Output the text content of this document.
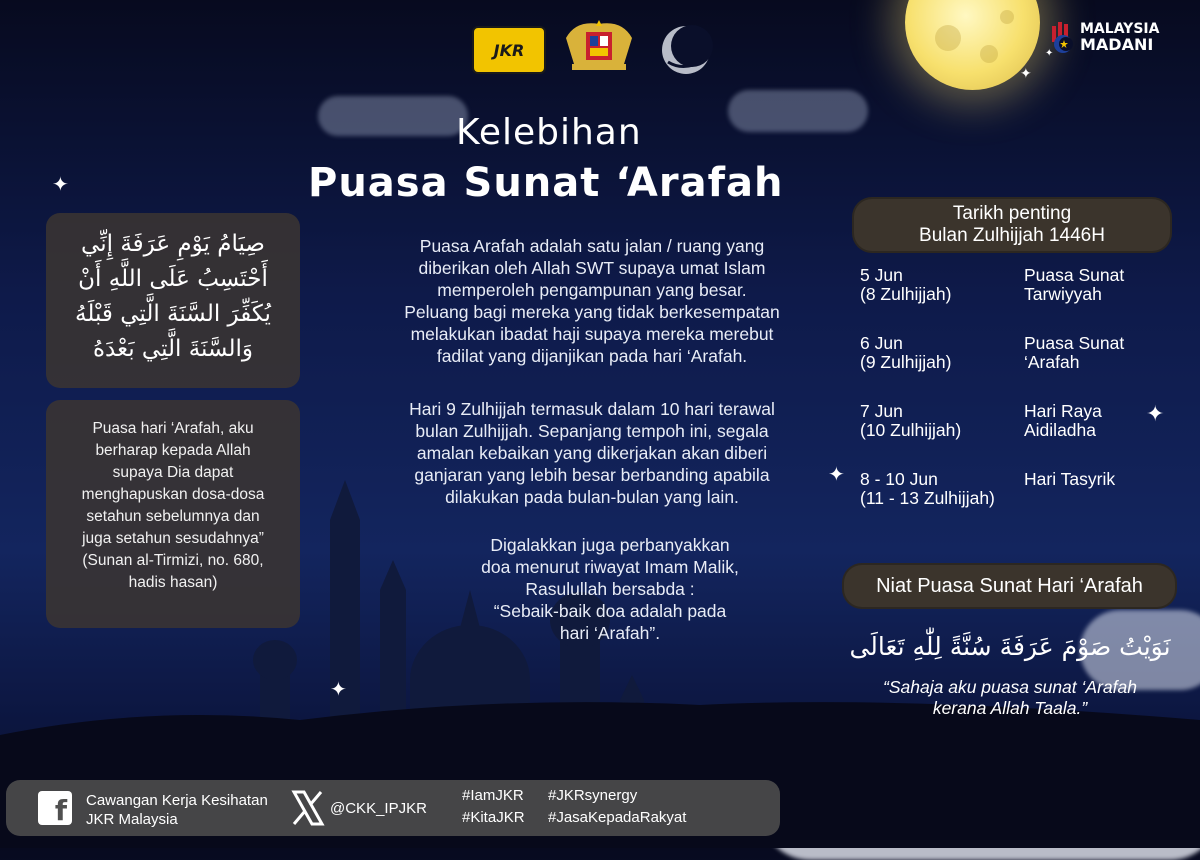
✦
✦
✦
✦
✦
✦
JKR
MALAYSIA
MADANI
Kelebihan
Puasa Sunat ‘Arafah
صِيَامُ يَوْمِ عَرَفَةَ إِنِّي
أَحْتَسِبُ عَلَى اللَّهِ أَنْ
يُكَفِّرَ السَّنَةَ الَّتِي قَبْلَهُ
وَالسَّنَةَ الَّتِي بَعْدَهُ
Puasa hari ‘Arafah, aku
berharap kepada Allah
supaya Dia dapat
menghapuskan dosa-dosa
setahun sebelumnya dan
juga setahun sesudahnya”
(Sunan al-Tirmizi, no. 680,
hadis hasan)
Puasa Arafah adalah satu jalan / ruang yang
diberikan oleh Allah SWT supaya umat Islam
memperoleh pengampunan yang besar.
Peluang bagi mereka yang tidak berkesempatan
melakukan ibadat haji supaya mereka merebut
fadilat yang dijanjikan pada hari ‘Arafah.
Hari 9 Zulhijjah termasuk dalam 10 hari terawal
bulan Zulhijjah. Sepanjang tempoh ini, segala
amalan kebaikan yang dikerjakan akan diberi
ganjaran yang lebih besar berbanding apabila
dilakukan pada bulan-bulan yang lain.
Digalakkan juga perbanyakkan
doa menurut riwayat Imam Malik,
Rasulullah bersabda :
“Sebaik-baik doa adalah pada
hari ‘Arafah”.
Tarikh penting
Bulan Zulhijjah 1446H
5 Jun
(8 Zulhijjah)
Puasa Sunat
Tarwiyyah
6 Jun
(9 Zulhijjah)
Puasa Sunat
‘Arafah
7 Jun
(10 Zulhijjah)
Hari Raya
Aidiladha
8 - 10 Jun
(11 - 13 Zulhijjah)
Hari Tasyrik
Niat Puasa Sunat Hari ‘Arafah
نَوَيْتُ صَوْمَ عَرَفَةَ سُنَّةً لِلّٰهِ تَعَالَى
“Sahaja aku puasa sunat ‘Arafah
kerana Allah Taala.”
f	Cawangan Kerja Kesihatan
JKR Malaysia
@CKK_IPJKR
#IamJKR #JKRsynergy
#KitaJKR #JasaKepadaRakyat
